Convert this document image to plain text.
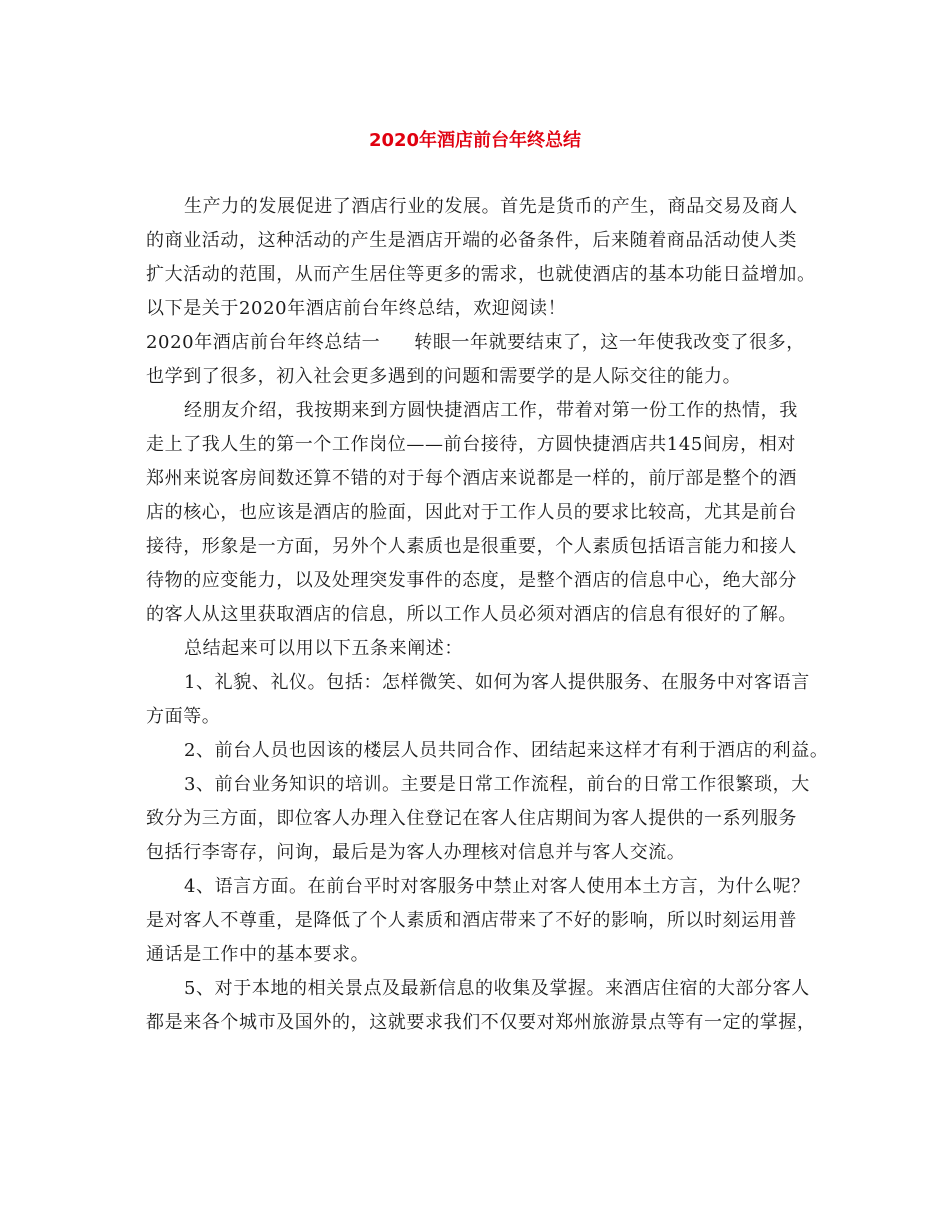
2020年酒店前台年终总结
生产力的发展促进了酒店行业的发展。首先是货币的产生，商品交易及商人
的商业活动，这种活动的产生是酒店开端的必备条件，后来随着商品活动使人类
扩大活动的范围，从而产生居住等更多的需求，也就使酒店的基本功能日益增加。
以下是关于2020年酒店前台年终总结，欢迎阅读！
2020年酒店前台年终总结一 转眼一年就要结束了，这一年使我改变了很多，
也学到了很多，初入社会更多遇到的问题和需要学的是人际交往的能力。
经朋友介绍，我按期来到方圆快捷酒店工作，带着对第一份工作的热情，我
走上了我人生的第一个工作岗位——前台接待，方圆快捷酒店共145间房，相对
郑州来说客房间数还算不错的对于每个酒店来说都是一样的，前厅部是整个的酒
店的核心，也应该是酒店的脸面，因此对于工作人员的要求比较高，尤其是前台
接待，形象是一方面，另外个人素质也是很重要，个人素质包括语言能力和接人
待物的应变能力，以及处理突发事件的态度，是整个酒店的信息中心，绝大部分
的客人从这里获取酒店的信息，所以工作人员必须对酒店的信息有很好的了解。
总结起来可以用以下五条来阐述：
1、礼貌、礼仪。包括：怎样微笑、如何为客人提供服务、在服务中对客语言
方面等。
2、前台人员也因该的楼层人员共同合作、团结起来这样才有利于酒店的利益。
3、前台业务知识的培训。主要是日常工作流程，前台的日常工作很繁琐，大
致分为三方面，即位客人办理入住登记在客人住店期间为客人提供的一系列服务
包括行李寄存，问询，最后是为客人办理核对信息并与客人交流。
4、语言方面。在前台平时对客服务中禁止对客人使用本土方言，为什么呢？
是对客人不尊重，是降低了个人素质和酒店带来了不好的影响，所以时刻运用普
通话是工作中的基本要求。
5、对于本地的相关景点及最新信息的收集及掌握。来酒店住宿的大部分客人
都是来各个城市及国外的，这就要求我们不仅要对郑州旅游景点等有一定的掌握，
